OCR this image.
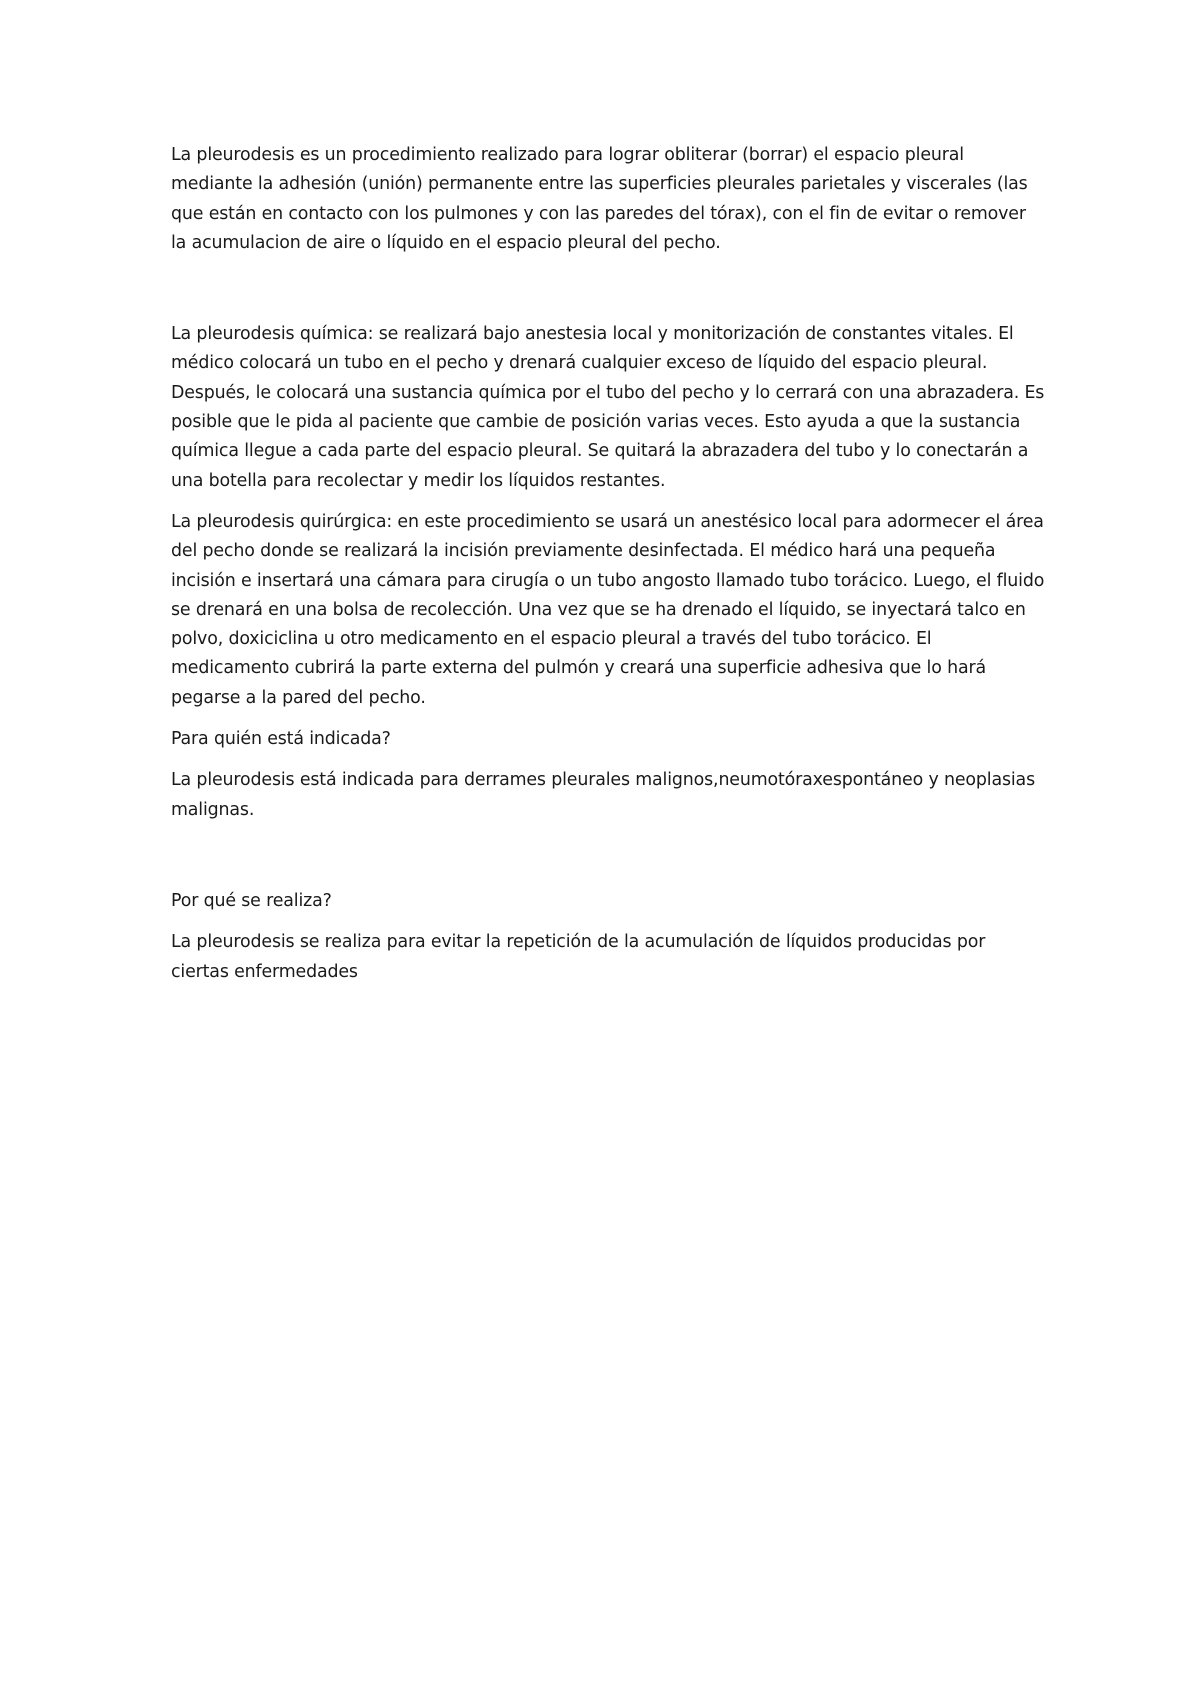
La pleurodesis es un procedimiento realizado para lograr obliterar (borrar) el espacio pleural mediante la adhesión (unión) permanente entre las superficies pleurales parietales y viscerales (las que están en contacto con los pulmones y con las paredes del tórax), con el fin de evitar o remover la acumulacion de aire o líquido en el espacio pleural del pecho.

La pleurodesis química: se realizará bajo anestesia local y monitorización de constantes vitales. El médico colocará un tubo en el pecho y drenará cualquier exceso de líquido del espacio pleural. Después, le colocará una sustancia química por el tubo del pecho y lo cerrará con una abrazadera. Es posible que le pida al paciente que cambie de posición varias veces. Esto ayuda a que la sustancia química llegue a cada parte del espacio pleural. Se quitará la abrazadera del tubo y lo conectarán a una botella para recolectar y medir los líquidos restantes.

La pleurodesis quirúrgica: en este procedimiento se usará un anestésico local para adormecer el área del pecho donde se realizará la incisión previamente desinfectada. El médico hará una pequeña incisión e insertará una cámara para cirugía o un tubo angosto llamado tubo torácico. Luego, el fluido se drenará en una bolsa de recolección. Una vez que se ha drenado el líquido, se inyectará talco en polvo, doxiciclina u otro medicamento en el espacio pleural a través del tubo torácico. El medicamento cubrirá la parte externa del pulmón y creará una superficie adhesiva que lo hará pegarse a la pared del pecho.

Para quién está indicada?

La pleurodesis está indicada para derrames pleurales malignos,neumotóraxespontáneo y neoplasias malignas.

Por qué se realiza?

La pleurodesis se realiza para evitar la repetición de la acumulación de líquidos producidas por ciertas enfermedades
